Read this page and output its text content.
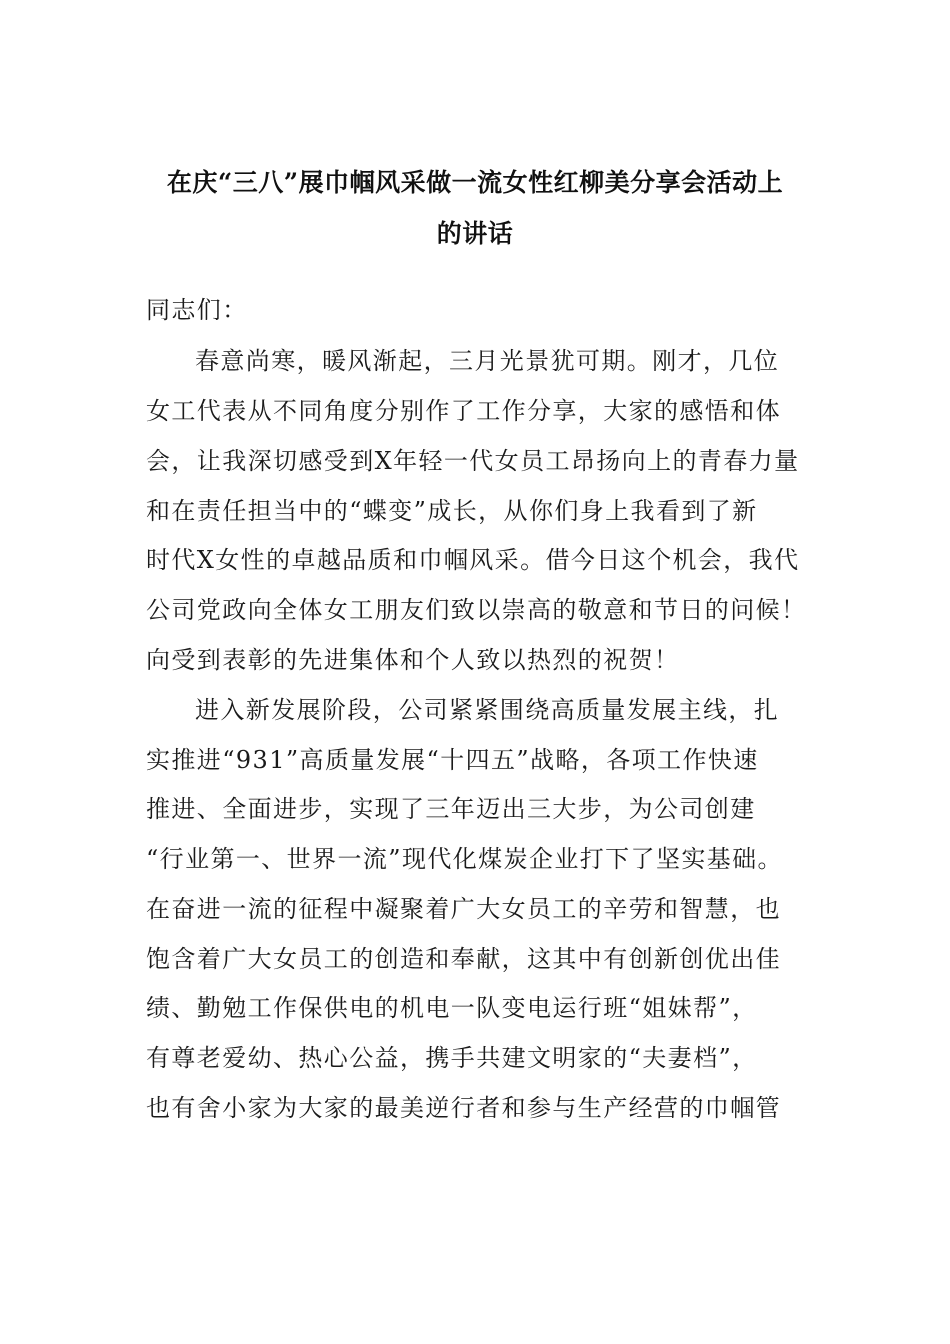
在庆“三八”展巾帼风采做一流女性红柳美分享会活动上
的讲话
同志们：
春意尚寒，暖风渐起，三月光景犹可期。刚才，几位
女工代表从不同角度分别作了工作分享，大家的感悟和体
会，让我深切感受到X年轻一代女员工昂扬向上的青春力量
和在责任担当中的“蝶变”成长，从你们身上我看到了新
时代X女性的卓越品质和巾帼风采。借今日这个机会，我代
公司党政向全体女工朋友们致以崇高的敬意和节日的问候！
向受到表彰的先进集体和个人致以热烈的祝贺！
进入新发展阶段，公司紧紧围绕高质量发展主线，扎
实推进“931”高质量发展“十四五”战略，各项工作快速
推进、全面进步，实现了三年迈出三大步，为公司创建
“行业第一、世界一流”现代化煤炭企业打下了坚实基础。
在奋进一流的征程中凝聚着广大女员工的辛劳和智慧，也
饱含着广大女员工的创造和奉献，这其中有创新创优出佳
绩、勤勉工作保供电的机电一队变电运行班“姐妹帮”，
有尊老爱幼、热心公益，携手共建文明家的“夫妻档”，
也有舍小家为大家的最美逆行者和参与生产经营的巾帼管
